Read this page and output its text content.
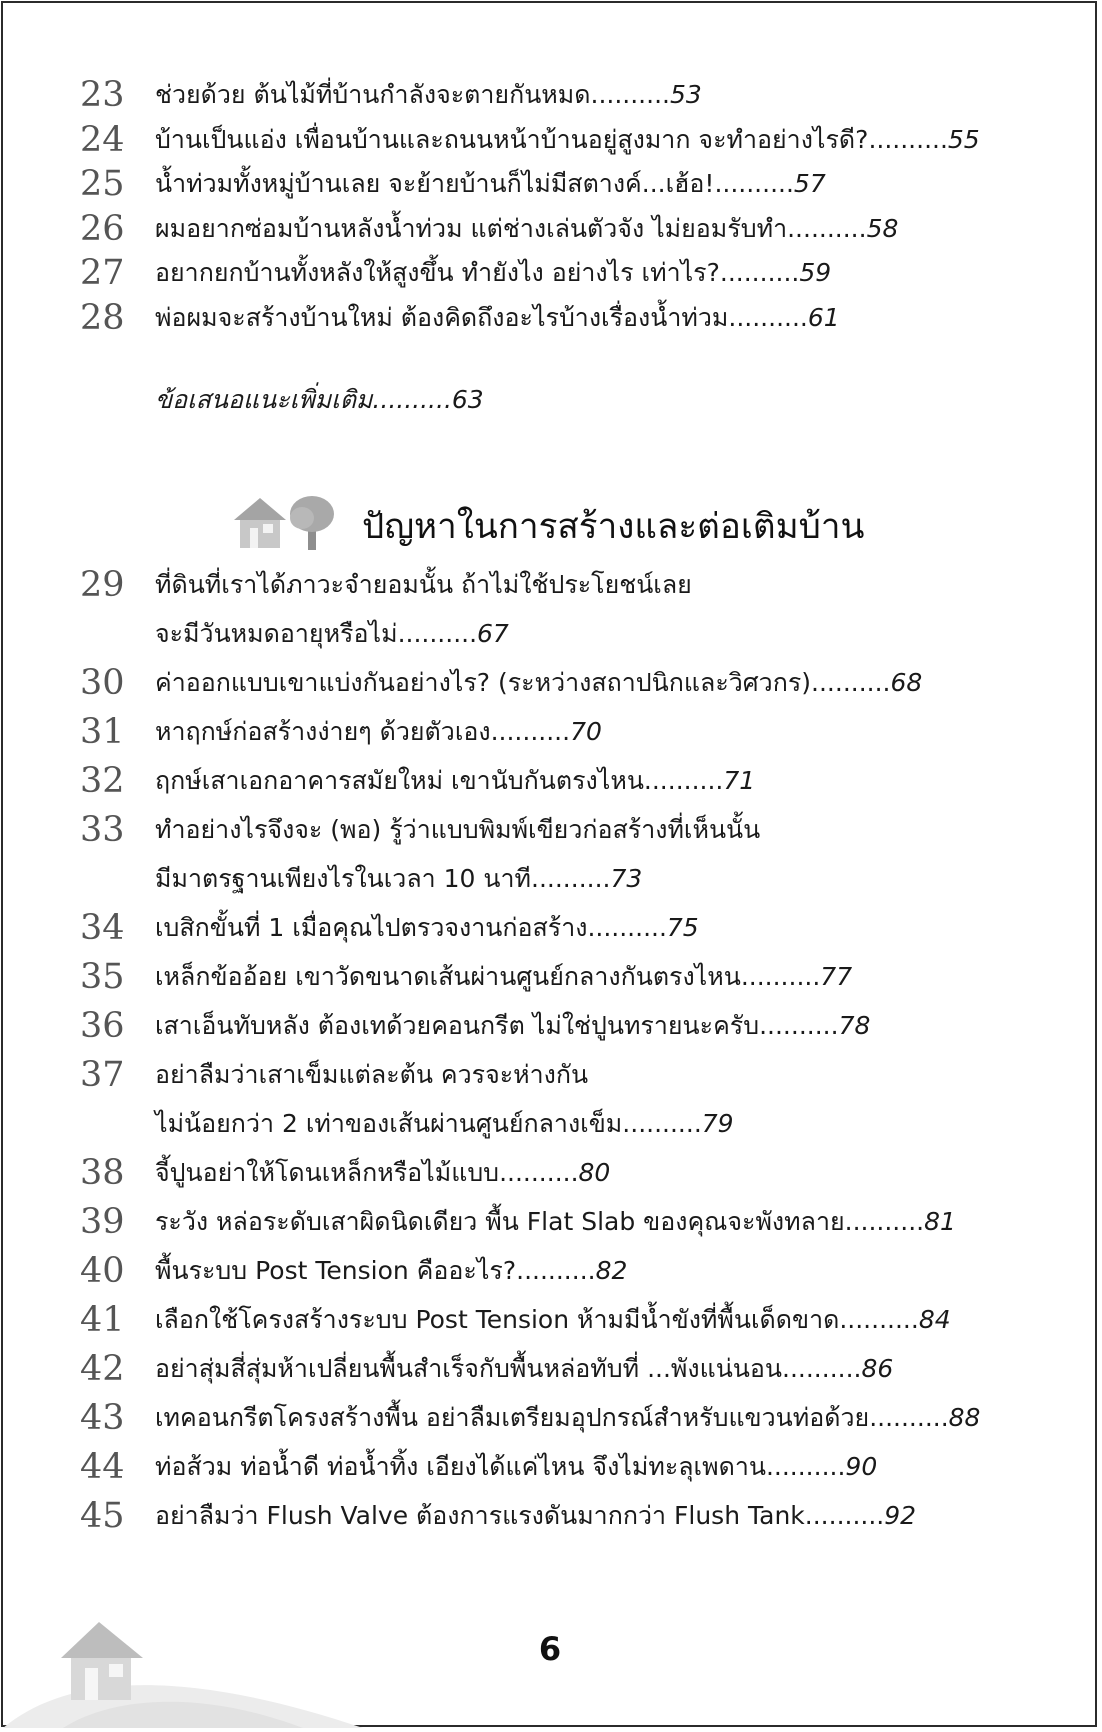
23	ช่วยด้วย ต้นไม้ที่บ้านกำลังจะตายกันหมด..........53
24	บ้านเป็นแอ่ง เพื่อนบ้านและถนนหน้าบ้านอยู่สูงมาก จะทำอย่างไรดี?..........55
25	น้ำท่วมทั้งหมู่บ้านเลย จะย้ายบ้านก็ไม่มีสตางค์...เฮ้อ!..........57
26	ผมอยากซ่อมบ้านหลังน้ำท่วม แต่ช่างเล่นตัวจัง ไม่ยอมรับทำ..........58
27	อยากยกบ้านทั้งหลังให้สูงขึ้น ทำยังไง อย่างไร เท่าไร?..........59
28	พ่อผมจะสร้างบ้านใหม่ ต้องคิดถึงอะไรบ้างเรื่องน้ำท่วม..........61
ข้อเสนอแนะเพิ่มเติม..........63
ปัญหาในการสร้างและต่อเติมบ้าน
29	ที่ดินที่เราได้ภาวะจำยอมนั้น ถ้าไม่ใช้ประโยชน์เลย
จะมีวันหมดอายุหรือไม่..........67
30	ค่าออกแบบเขาแบ่งกันอย่างไร? (ระหว่างสถาปนิกและวิศวกร)..........68
31	หาฤกษ์ก่อสร้างง่ายๆ ด้วยตัวเอง..........70
32	ฤกษ์เสาเอกอาคารสมัยใหม่ เขานับกันตรงไหน..........71
33	ทำอย่างไรจึงจะ (พอ) รู้ว่าแบบพิมพ์เขียวก่อสร้างที่เห็นนั้น
มีมาตรฐานเพียงไรในเวลา 10 นาที..........73
34	เบสิกขั้นที่ 1 เมื่อคุณไปตรวจงานก่อสร้าง..........75
35	เหล็กข้ออ้อย เขาวัดขนาดเส้นผ่านศูนย์กลางกันตรงไหน..........77
36	เสาเอ็นทับหลัง ต้องเทด้วยคอนกรีต ไม่ใช่ปูนทรายนะครับ..........78
37	อย่าลืมว่าเสาเข็มแต่ละต้น ควรจะห่างกัน
ไม่น้อยกว่า 2 เท่าของเส้นผ่านศูนย์กลางเข็ม..........79
38	จี้ปูนอย่าให้โดนเหล็กหรือไม้แบบ..........80
39	ระวัง หล่อระดับเสาผิดนิดเดียว พื้น Flat Slab ของคุณจะพังทลาย..........81
40	พื้นระบบ Post Tension คืออะไร?..........82
41	เลือกใช้โครงสร้างระบบ Post Tension ห้ามมีน้ำขังที่พื้นเด็ดขาด..........84
42	อย่าสุ่มสี่สุ่มห้าเปลี่ยนพื้นสำเร็จกับพื้นหล่อทับที่ ...พังแน่นอน..........86
43	เทคอนกรีตโครงสร้างพื้น อย่าลืมเตรียมอุปกรณ์สำหรับแขวนท่อด้วย..........88
44	ท่อส้วม ท่อน้ำดี ท่อน้ำทิ้ง เอียงได้แค่ไหน จึงไม่ทะลุเพดาน..........90
45	อย่าลืมว่า Flush Valve ต้องการแรงดันมากกว่า Flush Tank..........92
6
